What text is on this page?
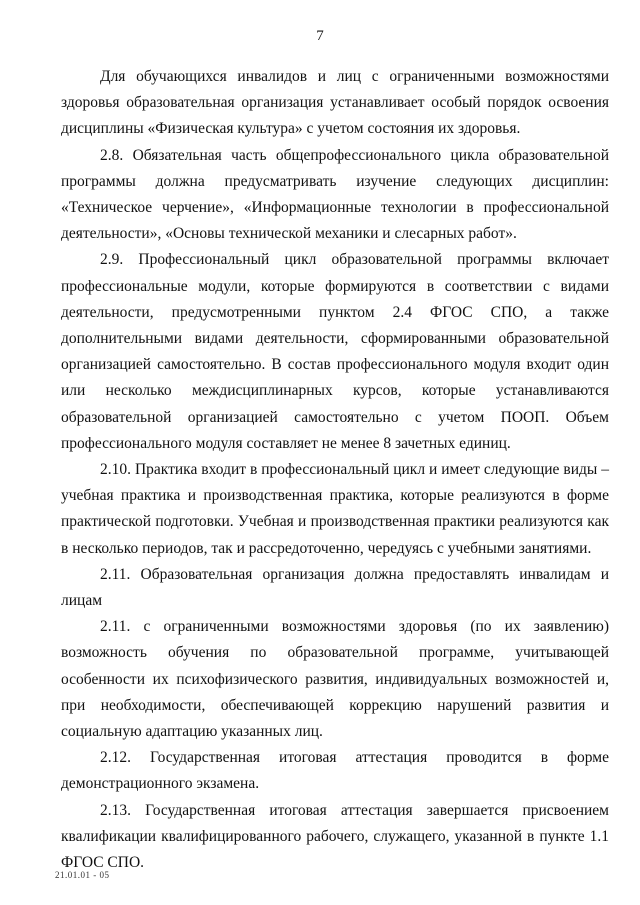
7

Для обучающихся инвалидов и лиц с ограниченными возможностями здоровья образовательная организация устанавливает особый порядок освоения дисциплины «Физическая культура» с учетом состояния их здоровья.

2.8. Обязательная часть общепрофессионального цикла образовательной программы должна предусматривать изучение следующих дисциплин: «Техническое черчение», «Информационные технологии в профессиональной деятельности», «Основы технической механики и слесарных работ».

2.9. Профессиональный цикл образовательной программы включает профессиональные модули, которые формируются в соответствии с видами деятельности, предусмотренными пунктом 2.4 ФГОС СПО, а также дополнительными видами деятельности, сформированными образовательной организацией самостоятельно. В состав профессионального модуля входит один или несколько междисциплинарных курсов, которые устанавливаются образовательной организацией самостоятельно с учетом ПООП. Объем профессионального модуля составляет не менее 8 зачетных единиц.

2.10. Практика входит в профессиональный цикл и имеет следующие виды – учебная практика и производственная практика, которые реализуются в форме практической подготовки. Учебная и производственная практики реализуются как в несколько периодов, так и рассредоточенно, чередуясь с учебными занятиями.

2.11. Образовательная организация должна предоставлять инвалидам и лицам

2.11. с ограниченными возможностями здоровья (по их заявлению) возможность обучения по образовательной программе, учитывающей особенности их психофизического развития, индивидуальных возможностей и, при необходимости, обеспечивающей коррекцию нарушений развития и социальную адаптацию указанных лиц.

2.12. Государственная итоговая аттестация проводится в форме демонстрационного экзамена.

2.13. Государственная итоговая аттестация завершается присвоением квалификации квалифицированного рабочего, служащего, указанной в пункте 1.1 ФГОС СПО.

21.01.01 - 05
